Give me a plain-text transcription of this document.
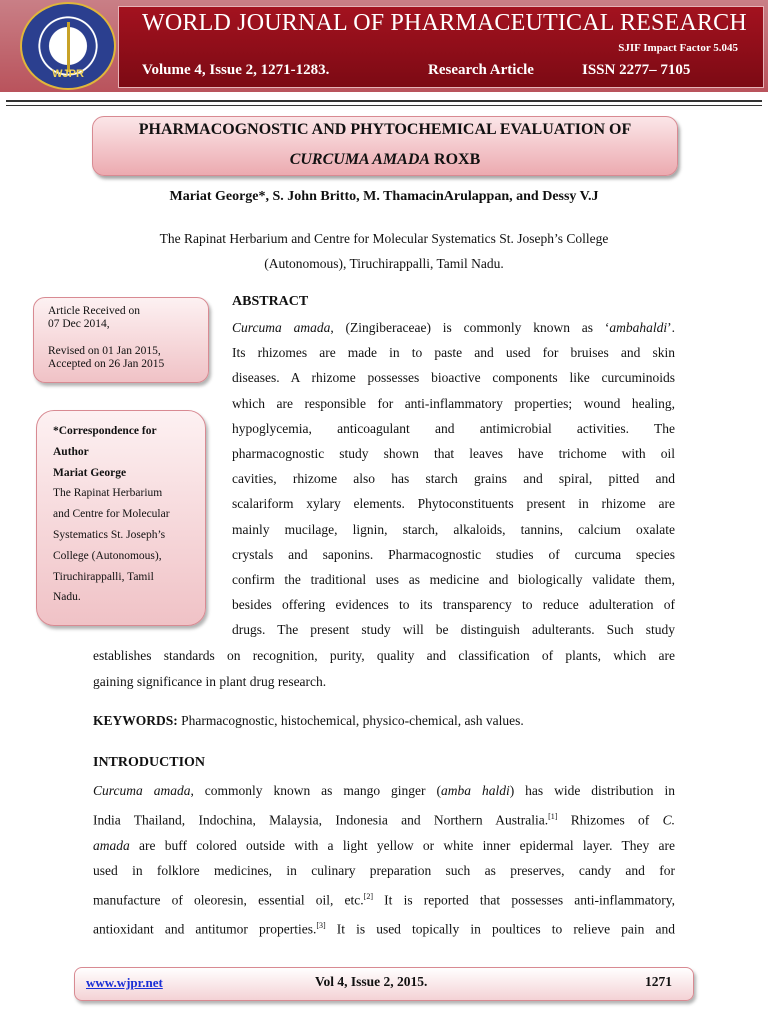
WJPR
WORLD JOURNAL OF PHARMACEUTICAL RESEARCH
SJIF Impact Factor 5.045
Volume 4, Issue 2, 1271-1283.	Research Article	ISSN 2277– 7105
PHARMACOGNOSTIC AND PHYTOCHEMICAL EVALUATION OF
CURCUMA AMADA ROXB
Mariat George*, S. John Britto, M. ThamacinArulappan, and Dessy V.J
The Rapinat Herbarium and Centre for Molecular Systematics St. Joseph’s College
(Autonomous), Tiruchirappalli, Tamil Nadu.

Article Received on

07 Dec 2014,

Revised on 01 Jan 2015,

Accepted on 26 Jan 2015

*Correspondence for

Author

Mariat George

The Rapinat Herbarium

and Centre for Molecular

Systematics St. Joseph’s

College (Autonomous),

Tiruchirappalli, Tamil

Nadu.

ABSTRACT
Curcuma amada, (Zingiberaceae) is commonly known as ‘ambahaldi’.
Its rhizomes are made in to paste and used for bruises and skin
diseases. A rhizome possesses bioactive components like curcuminoids
which are responsible for anti-inflammatory properties; wound healing,
hypoglycemia, anticoagulant and antimicrobial activities. The
pharmacognostic study shown that leaves have trichome with oil
cavities, rhizome also has starch grains and spiral, pitted and
scalariform xylary elements. Phytoconstituents present in rhizome are
mainly mucilage, lignin, starch, alkaloids, tannins, calcium oxalate
crystals and saponins. Pharmacognostic studies of curcuma species
confirm the traditional uses as medicine and biologically validate them,
besides offering evidences to its transparency to reduce adulteration of
drugs. The present study will be distinguish adulterants. Such study
establishes standards on recognition, purity, quality and classification of plants, which are
gaining significance in plant drug research.
KEYWORDS: Pharmacognostic, histochemical, physico-chemical, ash values.
INTRODUCTION
Curcuma amada, commonly known as mango ginger (amba haldi) has wide distribution in
India Thailand, Indochina, Malaysia, Indonesia and Northern Australia.[1] Rhizomes of C.
amada are buff colored outside with a light yellow or white inner epidermal layer. They are
used in folklore medicines, in culinary preparation such as preserves, candy and for
manufacture of oleoresin, essential oil, etc.[2] It is reported that possesses anti-inflammatory,
antioxidant and antitumor properties.[3] It is used topically in poultices to relieve pain and
www.wjpr.net	Vol 4, Issue 2, 2015.	1271
